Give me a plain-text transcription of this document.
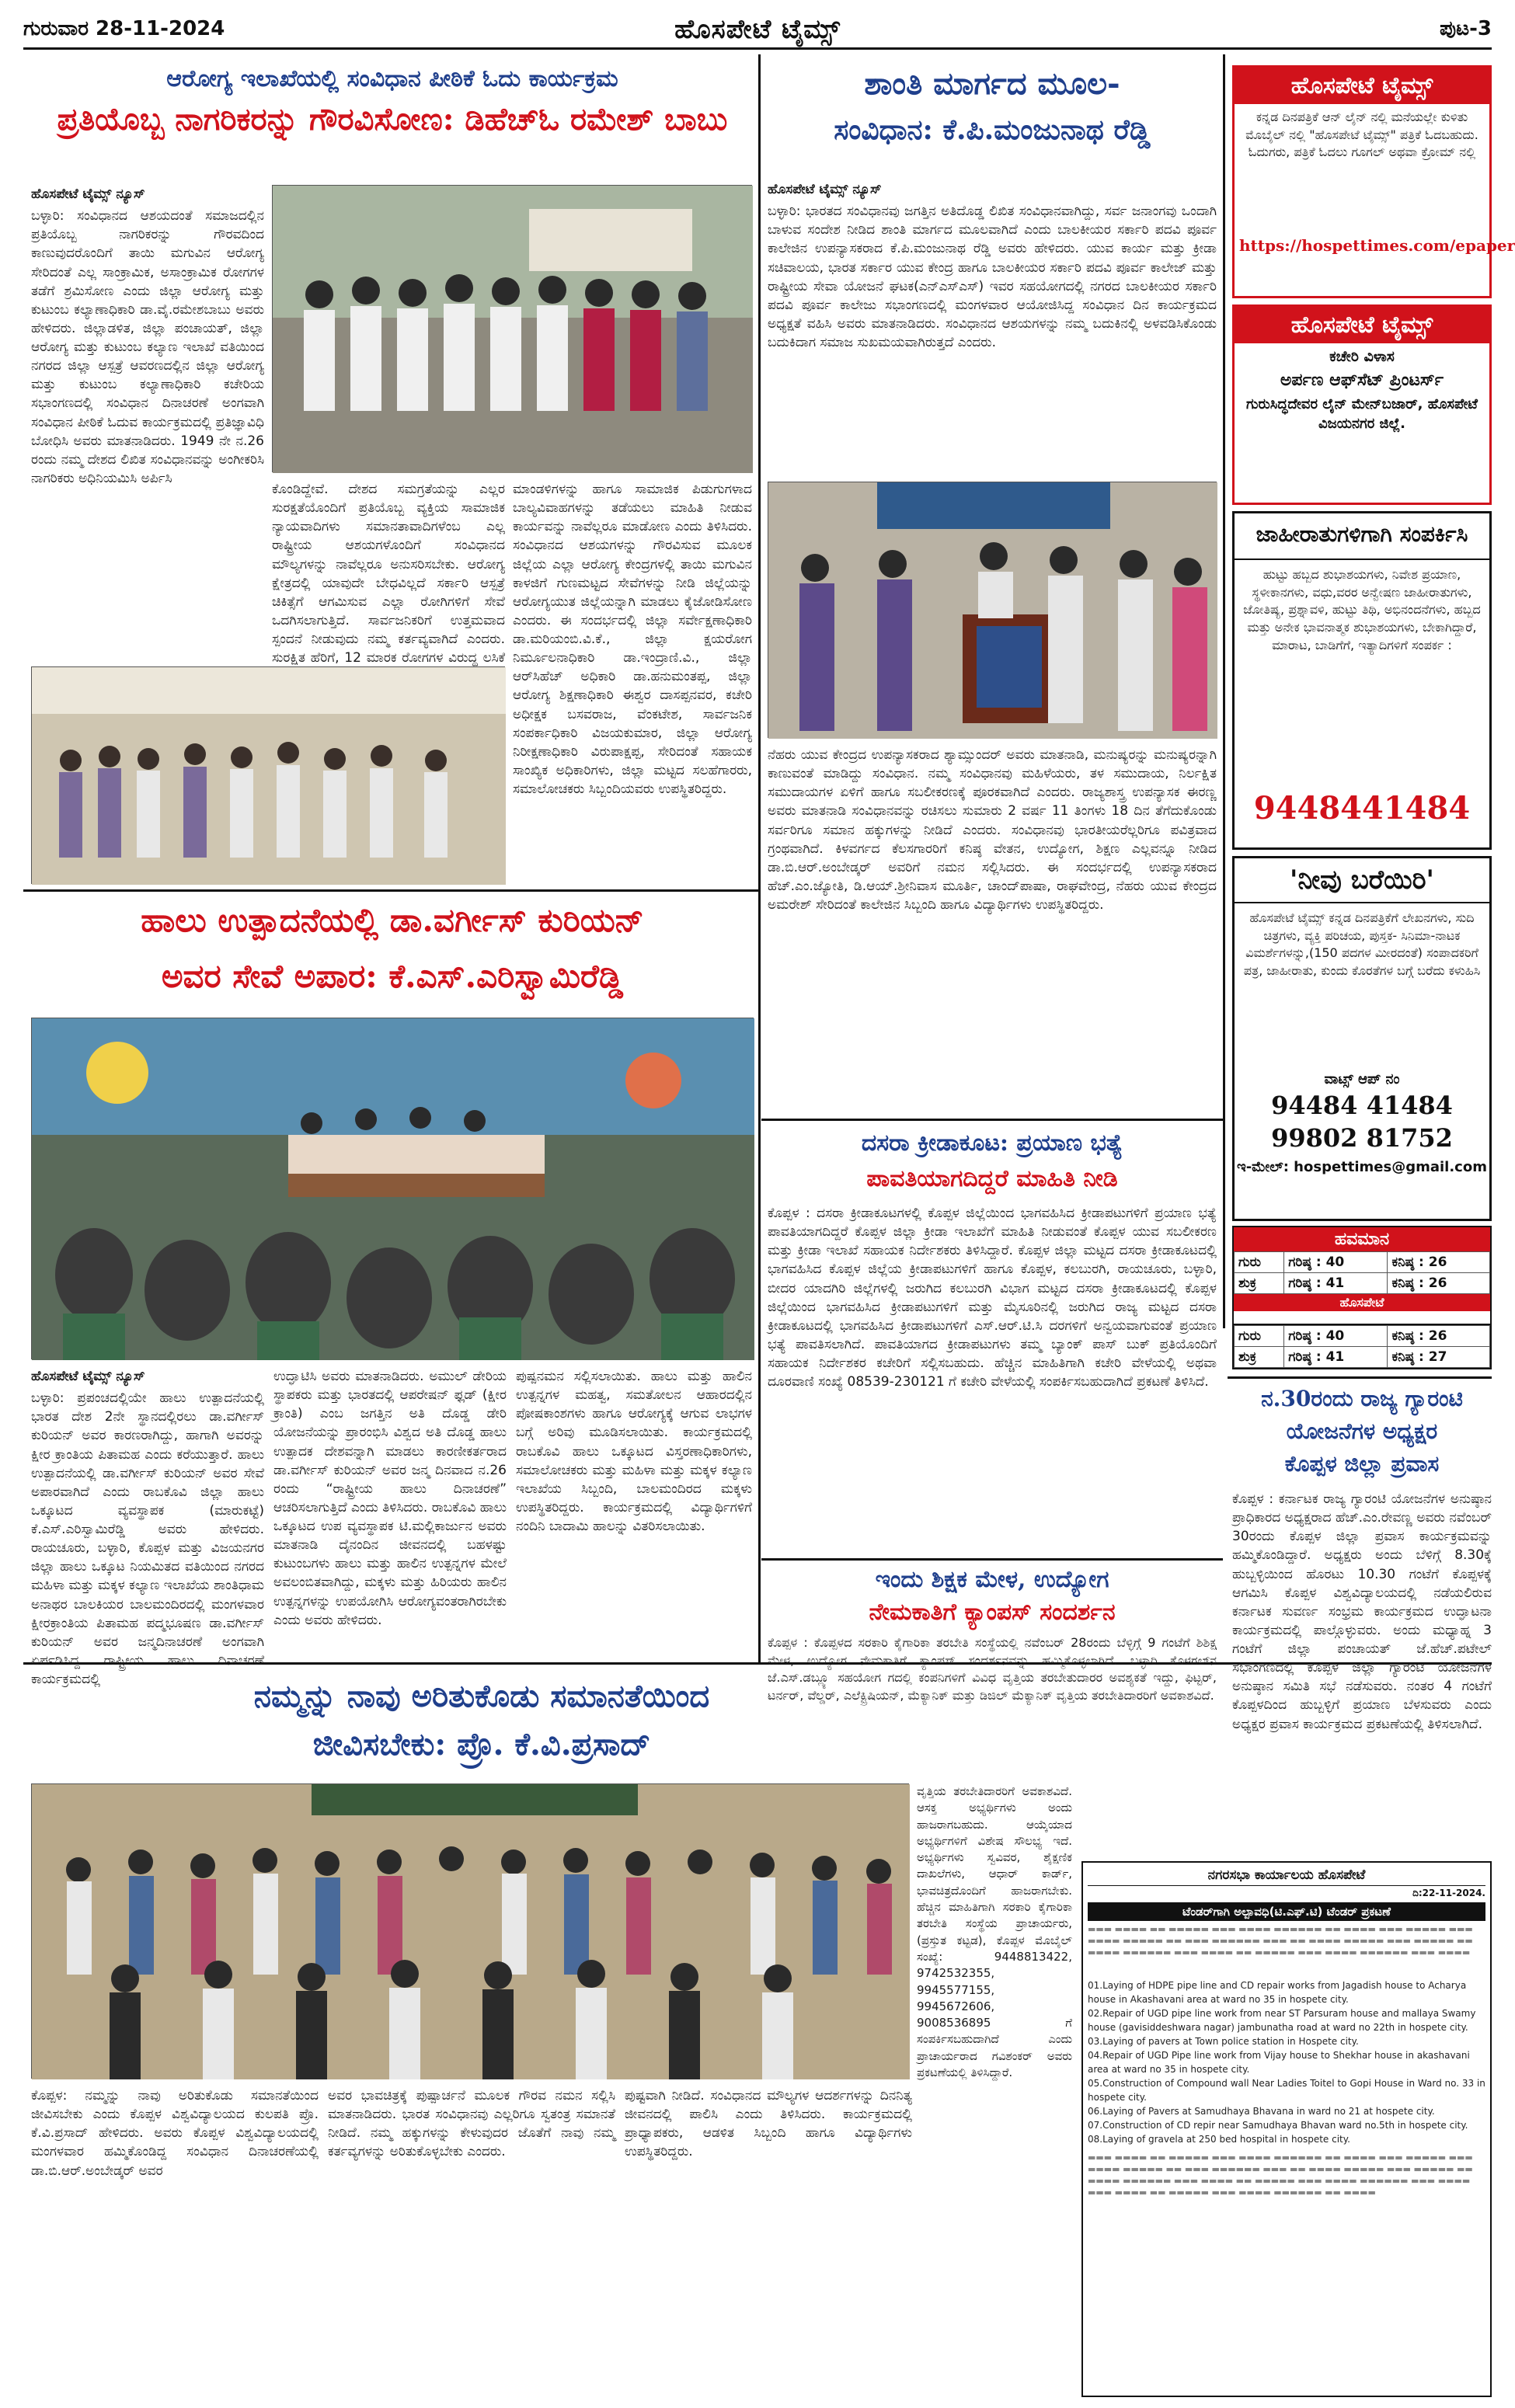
ಗುರುವಾರ 28-11-2024	ಹೊಸಪೇಟೆ ಟೈಮ್ಸ್	ಪುಟ-3
ಆರೋಗ್ಯ ಇಲಾಖೆಯಲ್ಲಿ ಸಂವಿಧಾನ ಪೀಠಿಕೆ ಓದು ಕಾರ್ಯಕ್ರಮ
ಪ್ರತಿಯೊಬ್ಬ ನಾಗರಿಕರನ್ನು ಗೌರವಿಸೋಣ: ಡಿಹೆಚ್ಓ ರಮೇಶ್ ಬಾಬು

ಹೊಸಪೇಟೆ ಟೈಮ್ಸ್ ನ್ಯೂಸ್

ಬಳ್ಳಾರಿ: ಸಂವಿಧಾನದ ಆಶಯದಂತೆ ಸಮಾಜದಲ್ಲಿನ ಪ್ರತಿಯೊಬ್ಬ ನಾಗರಿಕರನ್ನು ಗೌರವದಿಂದ ಕಾಣುವುದರೊಂದಿಗೆ ತಾಯಿ ಮಗುವಿನ ಆರೋಗ್ಯ ಸೇರಿದಂತೆ ಎಲ್ಲ ಸಾಂಕ್ರಾಮಿಕ, ಅಸಾಂಕ್ರಾಮಿಕ ರೋಗಗಳ ತಡೆಗೆ ಶ್ರಮಿಸೋಣ ಎಂದು ಜಿಲ್ಲಾ ಆರೋಗ್ಯ ಮತ್ತು ಕುಟುಂಬ ಕಲ್ಯಾಣಾಧಿಕಾರಿ ಡಾ.ವೈ.ರಮೇಶಬಾಬು ಅವರು ಹೇಳಿದರು. ಜಿಲ್ಲಾಡಳಿತ, ಜಿಲ್ಲಾ ಪಂಚಾಯತ್, ಜಿಲ್ಲಾ ಆರೋಗ್ಯ ಮತ್ತು ಕುಟುಂಬ ಕಲ್ಯಾಣ ಇಲಾಖೆ ವತಿಯಿಂದ ನಗರದ ಜಿಲ್ಲಾ ಆಸ್ಪತ್ರೆ ಆವರಣದಲ್ಲಿನ ಜಿಲ್ಲಾ ಆರೋಗ್ಯ ಮತ್ತು ಕುಟುಂಬ ಕಲ್ಯಾಣಾಧಿಕಾರಿ ಕಚೇರಿಯ ಸಭಾಂಗಣದಲ್ಲಿ ಸಂವಿಧಾನ ದಿನಾಚರಣೆ ಅಂಗವಾಗಿ ಸಂವಿಧಾನ ಪೀಠಿಕೆ ಓದುವ ಕಾರ್ಯಕ್ರಮದಲ್ಲಿ ಪ್ರತಿಜ್ಞಾವಿಧಿ ಬೋಧಿಸಿ ಅವರು ಮಾತನಾಡಿದರು. 1949 ನೇ ನ.26 ರಂದು ನಮ್ಮ ದೇಶದ ಲಿಖಿತ ಸಂವಿಧಾನವನ್ನು ಅಂಗೀಕರಿಸಿ ನಾಗರಿಕರು ಅಧಿನಿಯಮಿಸಿ ಅರ್ಪಿಸಿ

ಕೊಂಡಿದ್ದೇವೆ. ದೇಶದ ಸಮಗ್ರತೆಯನ್ನು ಎಲ್ಲರ ಸುರಕ್ಷತೆಯೊಂದಿಗೆ ಪ್ರತಿಯೊಬ್ಬ ವ್ಯಕ್ತಿಯ ಸಾಮಾಜಿಕ ನ್ಯಾಯವಾದಿಗಳು ಸಮಾನತಾವಾದಿಗಳೆಂಬ ಎಲ್ಲ ರಾಷ್ಟ್ರೀಯ ಆಶಯಗಳೊಂದಿಗೆ ಸಂವಿಧಾನದ ಮೌಲ್ಯಗಳನ್ನು ನಾವೆಲ್ಲರೂ ಅನುಸರಿಸಬೇಕು. ಆರೋಗ್ಯ ಕ್ಷೇತ್ರದಲ್ಲಿ ಯಾವುದೇ ಬೇಧವಿಲ್ಲದೆ ಸರ್ಕಾರಿ ಆಸ್ಪತ್ರೆ ಚಿಕಿತ್ಸೆಗೆ ಆಗಮಿಸುವ ಎಲ್ಲಾ ರೋಗಿಗಳಿಗೆ ಸೇವೆ ಒದಗಿಸಲಾಗುತ್ತಿದೆ. ಸಾರ್ವಜನಿಕರಿಗೆ ಉತ್ತಮವಾದ ಸ್ಪಂದನೆ ನೀಡುವುದು ನಮ್ಮ ಕರ್ತವ್ಯವಾಗಿದೆ ಎಂದರು. ಸುರಕ್ಷಿತ ಹೆರಿಗೆ, 12 ಮಾರಕ ರೋಗಗಳ ವಿರುದ್ಧ ಲಸಿಕೆ

ಮಾಂಡಳಿಗಳನ್ನು ಹಾಗೂ ಸಾಮಾಜಿಕ ಪಿಡುಗುಗಳಾದ ಬಾಲ್ಯವಿವಾಹಗಳನ್ನು ತಡೆಯಲು ಮಾಹಿತಿ ನೀಡುವ ಕಾರ್ಯವನ್ನು ನಾವೆಲ್ಲರೂ ಮಾಡೋಣ ಎಂದು ತಿಳಿಸಿದರು. ಸಂವಿಧಾನದ ಆಶಯಗಳನ್ನು ಗೌರವಿಸುವ ಮೂಲಕ ಜಿಲ್ಲೆಯ ಎಲ್ಲಾ ಆರೋಗ್ಯ ಕೇಂದ್ರಗಳಲ್ಲಿ ತಾಯಿ ಮಗುವಿನ ಕಾಳಜಿಗೆ ಗುಣಮಟ್ಟದ ಸೇವೆಗಳನ್ನು ನೀಡಿ ಜಿಲ್ಲೆಯನ್ನು ಆರೋಗ್ಯಯುತ ಜಿಲ್ಲೆಯನ್ನಾಗಿ ಮಾಡಲು ಕೈಜೋಡಿಸೋಣ ಎಂದರು. ಈ ಸಂದರ್ಭದಲ್ಲಿ ಜಿಲ್ಲಾ ಸರ್ವೇಕ್ಷಣಾಧಿಕಾರಿ ಡಾ.ಮರಿಯಂಬಿ.ವಿ.ಕೆ., ಜಿಲ್ಲಾ ಕ್ಷಯರೋಗ ನಿರ್ಮೂಲನಾಧಿಕಾರಿ ಡಾ.ಇಂದ್ರಾಣಿ.ವಿ., ಜಿಲ್ಲಾ ಆರ್‌ಸಿಹೆಚ್ ಅಧಿಕಾರಿ ಡಾ.ಹನುಮಂತಪ್ಪ, ಜಿಲ್ಲಾ ಆರೋಗ್ಯ ಶಿಕ್ಷಣಾಧಿಕಾರಿ ಈಶ್ವರ ದಾಸಪ್ಪನವರ, ಕಚೇರಿ ಅಧೀಕ್ಷಕ ಬಸವರಾಜ, ವೆಂಕಟೇಶ, ಸಾರ್ವಜನಿಕ ಸಂಪರ್ಕಾಧಿಕಾರಿ ವಿಜಯಕುಮಾರ, ಜಿಲ್ಲಾ ಆರೋಗ್ಯ ನಿರೀಕ್ಷಣಾಧಿಕಾರಿ ವಿರುಪಾಕ್ಷಪ್ಪ, ಸೇರಿದಂತೆ ಸಹಾಯಕ ಸಾಂಖ್ಯಿಕ ಅಧಿಕಾರಿಗಳು, ಜಿಲ್ಲಾ ಮಟ್ಟದ ಸಲಹೆಗಾರರು, ಸಮಾಲೋಚಕರು ಸಿಬ್ಬಂದಿಯವರು ಉಪಸ್ಥಿತರಿದ್ದರು.

ಶಾಂತಿ ಮಾರ್ಗದ ಮೂಲ-
ಸಂವಿಧಾನ: ಕೆ.ಪಿ.ಮಂಜುನಾಥ ರೆಡ್ಡಿ

ಹೊಸಪೇಟೆ ಟೈಮ್ಸ್ ನ್ಯೂಸ್

ಬಳ್ಳಾರಿ: ಭಾರತದ ಸಂವಿಧಾನವು ಜಗತ್ತಿನ ಅತಿದೊಡ್ಡ ಲಿಖಿತ ಸಂವಿಧಾನವಾಗಿದ್ದು, ಸರ್ವ ಜನಾಂಗವು ಒಂದಾಗಿ ಬಾಳುವ ಸಂದೇಶ ನೀಡಿದ ಶಾಂತಿ ಮಾರ್ಗದ ಮೂಲವಾಗಿದೆ ಎಂದು ಬಾಲಕೀಯರ ಸರ್ಕಾರಿ ಪದವಿ ಪೂರ್ವ ಕಾಲೇಜಿನ ಉಪನ್ಯಾಸಕರಾದ ಕೆ.ಪಿ.ಮಂಜುನಾಥ ರೆಡ್ಡಿ ಅವರು ಹೇಳಿದರು. ಯುವ ಕಾರ್ಯ ಮತ್ತು ಕ್ರೀಡಾ ಸಚಿವಾಲಯ, ಭಾರತ ಸರ್ಕಾರ ಯುವ ಕೇಂದ್ರ ಹಾಗೂ ಬಾಲಕೀಯರ ಸರ್ಕಾರಿ ಪದವಿ ಪೂರ್ವ ಕಾಲೇಜ್ ಮತ್ತು ರಾಷ್ಟ್ರೀಯ ಸೇವಾ ಯೋಜನೆ ಘಟಕ(ಎನ್‌ಎಸ್‌ಎಸ್) ಇವರ ಸಹಯೋಗದಲ್ಲಿ ನಗರದ ಬಾಲಕೀಯರ ಸರ್ಕಾರಿ ಪದವಿ ಪೂರ್ವ ಕಾಲೇಜು ಸಭಾಂಗಣದಲ್ಲಿ ಮಂಗಳವಾರ ಆಯೋಜಿಸಿದ್ದ ಸಂವಿಧಾನ ದಿನ ಕಾರ್ಯಕ್ರಮದ ಅಧ್ಯಕ್ಷತೆ ವಹಿಸಿ ಅವರು ಮಾತನಾಡಿದರು. ಸಂವಿಧಾನದ ಆಶಯಗಳನ್ನು ನಮ್ಮ ಬದುಕಿನಲ್ಲಿ ಅಳವಡಿಸಿಕೊಂಡು ಬದುಕಿದಾಗ ಸಮಾಜ ಸುಖಮಯವಾಗಿರುತ್ತದೆ ಎಂದರು.

ನೆಹರು ಯುವ ಕೇಂದ್ರದ ಉಪನ್ಯಾಸಕರಾದ ಶ್ಯಾಮ್ಸುಂದರ್ ಅವರು ಮಾತನಾಡಿ, ಮನುಷ್ಯರನ್ನು ಮನುಷ್ಯರನ್ನಾಗಿ ಕಾಣುವಂತೆ ಮಾಡಿದ್ದು ಸಂವಿಧಾನ. ನಮ್ಮ ಸಂವಿಧಾನವು ಮಹಿಳೆಯರು, ತಳ ಸಮುದಾಯ, ನಿರ್ಲಕ್ಷಿತ ಸಮುದಾಯಗಳ ಏಳಿಗೆ ಹಾಗೂ ಸಬಲೀಕರಣಕ್ಕೆ ಪೂರಕವಾಗಿದೆ ಎಂದರು. ರಾಜ್ಯಶಾಸ್ತ್ರ ಉಪನ್ಯಾಸಕ ಈರಣ್ಣ ಅವರು ಮಾತನಾಡಿ ಸಂವಿಧಾನವನ್ನು ರಚಿಸಲು ಸುಮಾರು 2 ವರ್ಷ 11 ತಿಂಗಳು 18 ದಿನ ತೆಗೆದುಕೊಂಡು ಸರ್ವರಿಗೂ ಸಮಾನ ಹಕ್ಕುಗಳನ್ನು ನೀಡಿದೆ ಎಂದರು. ಸಂವಿಧಾನವು ಭಾರತೀಯರೆಲ್ಲರಿಗೂ ಪವಿತ್ರವಾದ ಗ್ರಂಥವಾಗಿದೆ. ಕಿಳವರ್ಗದ ಕೆಲಸಗಾರರಿಗೆ ಕನಿಷ್ಠ ವೇತನ, ಉದ್ಯೋಗ, ಶಿಕ್ಷಣ ಎಲ್ಲವನ್ನೂ ನೀಡಿದ ಡಾ.ಬಿ.ಆರ್.ಅಂಬೇಡ್ಕರ್ ಅವರಿಗೆ ನಮನ ಸಲ್ಲಿಸಿದರು. ಈ ಸಂದರ್ಭದಲ್ಲಿ ಉಪನ್ಯಾಸಕರಾದ ಹೆಚ್.ಎಂ.ಜ್ಯೋತಿ, ಡಿ.ಆಯ್.ಶ್ರೀನಿವಾಸ ಮೂರ್ತಿ, ಚಾಂದ್‌ಪಾಷಾ, ರಾಘವೇಂದ್ರ, ನೆಹರು ಯುವ ಕೇಂದ್ರದ ಅಮರೇಶ್ ಸೇರಿದಂತೆ ಕಾಲೇಜಿನ ಸಿಬ್ಬಂದಿ ಹಾಗೂ ವಿದ್ಯಾರ್ಥಿಗಳು ಉಪಸ್ಥಿತರಿದ್ದರು.

ಹೊಸಪೇಟೆ ಟೈಮ್ಸ್
ಕನ್ನಡ ದಿನಪತ್ರಿಕೆ ಆನ್ ಲೈನ್ ನಲ್ಲಿ ಮನೆಯಲ್ಲೇ ಕುಳಿತು ಮೊಬೈಲ್ ನಲ್ಲಿ "ಹೊಸಪೇಟೆ ಟೈಮ್ಸ್" ಪತ್ರಿಕೆ ಓದಬಹುದು. ಓದುಗರು, ಪತ್ರಿಕೆ ಓದಲು ಗೂಗಲ್ ಅಥವಾ ಕ್ರೋಮ್ ನಲ್ಲಿ
https://hospettimes.com/epaper
ಹೊಸಪೇಟೆ ಟೈಮ್ಸ್
ಕಚೇರಿ ವಿಳಾಸ
ಅರ್ಪಣ ಆಫ್‌ಸೆಟ್ ಪ್ರಿಂಟರ್ಸ್
ಗುರುಸಿದ್ಧದೇವರ ಲೈನ್ ಮೇನ್‌ಬಜಾರ್, ಹೊಸಪೇಟೆ
ವಿಜಯನಗರ ಜಿಲ್ಲೆ.
ಜಾಹೀರಾತುಗಳಿಗಾಗಿ ಸಂಪರ್ಕಿಸಿ
ಹುಟ್ಟು ಹಬ್ಬದ ಶುಭಾಶಯಗಳು, ನಿವೇಶ ಪ್ರಯಾಣ, ಸ್ಥಳೀಕಾನಗಳು, ವಧು,ವರರ ಅನ್ವೇಷಣ ಜಾಹೀರಾತುಗಳು, ಜೋತಿಷ್ಯ, ಪ್ರಶ್ನಾವಳಿ, ಹುಟ್ಟು ತಿಥಿ, ಅಭಿನಂದನೆಗಳು, ಹಬ್ಬದ ಮತ್ತು ಅನೇಕ ಭಾವನಾತ್ಮಕ ಶುಭಾಶಯಗಳು, ಬೇಕಾಗಿದ್ದಾರೆ, ಮಾರಾಟ, ಬಾಡಿಗೆಗೆ, ಇತ್ಯಾದಿಗಳಿಗೆ ಸಂಪರ್ಕ :
9448441484
'ನೀವು ಬರೆಯಿರಿ'
ಹೊಸಪೇಟೆ ಟೈಮ್ಸ್ ಕನ್ನಡ ದಿನಪತ್ರಿಕೆಗೆ ಲೇಖನಗಳು, ಸುದಿ ಚಿತ್ರಗಳು, ವ್ಯಕ್ತಿ ಪರಿಚಯ, ಪುಸ್ತಕ- ಸಿನಿಮಾ-ನಾಟಕ ವಿಮರ್ಶೆಗಳನ್ನು,(150 ಪದಗಳ ಮೀರದಂತೆ) ಸಂಪಾದಕರಿಗೆ ಪತ್ರ, ಜಾಹೀರಾತು, ಕುಂದು ಕೊರತೆಗಳ ಬಗ್ಗೆ ಬರೆದು ಕಳುಹಿಸಿ
ವಾಟ್ಸ್ ಆಪ್ ನಂ
94484 41484
99802 81752
ಇ-ಮೇಲ್: hospettimes@gmail.com
ಹವಮಾನ
ಗುರು	ಗರಿಷ್ಠ : 40	ಕನಿಷ್ಠ : 26
ಶುಕ್ರ	ಗರಿಷ್ಠ : 41	ಕನಿಷ್ಠ : 26
ಹೊಸಪೇಟೆ
ಗುರು	ಗರಿಷ್ಠ : 40	ಕನಿಷ್ಠ : 26
ಶುಕ್ರ	ಗರಿಷ್ಠ : 41	ಕನಿಷ್ಠ : 27
ನ.30ರಂದು ರಾಜ್ಯ ಗ್ಯಾರಂಟಿ
ಯೋಜನೆಗಳ ಅಧ್ಯಕ್ಷರ
ಕೊಪ್ಪಳ ಜಿಲ್ಲಾ ಪ್ರವಾಸ

ಕೊಪ್ಪಳ : ಕರ್ನಾಟಕ ರಾಜ್ಯ ಗ್ಯಾರಂಟಿ ಯೋಜನೆಗಳ ಅನುಷ್ಠಾನ ಪ್ರಾಧಿಕಾರದ ಅಧ್ಯಕ್ಷರಾದ ಹೆಚ್.ಎಂ.ರೇವಣ್ಣ ಅವರು ನವೆಂಬರ್ 30ರಂದು ಕೊಪ್ಪಳ ಜಿಲ್ಲಾ ಪ್ರವಾಸ ಕಾರ್ಯಕ್ರಮವನ್ನು ಹಮ್ಮಿಕೊಂಡಿದ್ದಾರೆ. ಅಧ್ಯಕ್ಷರು ಅಂದು ಬೆಳಿಗ್ಗೆ 8.30ಕ್ಕೆ ಹುಬ್ಬಳ್ಳಿಯಿಂದ ಹೊರಟು 10.30 ಗಂಟೆಗೆ ಕೊಪ್ಪಳಕ್ಕೆ ಆಗಮಿಸಿ ಕೊಪ್ಪಳ ವಿಶ್ವವಿದ್ಯಾಲಯದಲ್ಲಿ ನಡೆಯಲಿರುವ ಕರ್ನಾಟಕ ಸುವರ್ಣ ಸಂಭ್ರಮ ಕಾರ್ಯಕ್ರಮದ ಉದ್ಘಾಟನಾ ಕಾರ್ಯಕ್ರಮದಲ್ಲಿ ಪಾಲ್ಗೊಳ್ಳುವರು. ಅಂದು ಮಧ್ಯಾಹ್ನ 3 ಗಂಟೆಗೆ ಜಿಲ್ಲಾ ಪಂಚಾಯತ್ ಜೆ.ಹೆಚ್.ಪಟೇಲ್ ಸಭಾಂಗಣದಲ್ಲಿ ಕೊಪ್ಪಳ ಜಿಲ್ಲಾ ಗ್ಯಾರಂಟಿ ಯೋಜನೆಗಳ ಅನುಷ್ಠಾನ ಸಮಿತಿ ಸಭೆ ನಡೆಸುವರು. ನಂತರ 4 ಗಂಟೆಗೆ ಕೊಪ್ಪಳದಿಂದ ಹುಬ್ಬಳ್ಳಿಗೆ ಪ್ರಯಾಣ ಬೆಳಸುವರು ಎಂದು ಅಧ್ಯಕ್ಷರ ಪ್ರವಾಸ ಕಾರ್ಯಕ್ರಮದ ಪ್ರಕಟಣೆಯಲ್ಲಿ ತಿಳಿಸಲಾಗಿದೆ.

ಹಾಲು ಉತ್ಪಾದನೆಯಲ್ಲಿ ಡಾ.ವರ್ಗೀಸ್ ಕುರಿಯನ್
ಅವರ ಸೇವೆ ಅಪಾರ: ಕೆ.ಎಸ್.ಎರಿಸ್ವಾಮಿರೆಡ್ಡಿ

ಹೊಸಪೇಟೆ ಟೈಮ್ಸ್ ನ್ಯೂಸ್

ಬಳ್ಳಾರಿ: ಪ್ರಪಂಚದಲ್ಲಿಯೇ ಹಾಲು ಉತ್ಪಾದನೆಯಲ್ಲಿ ಭಾರತ ದೇಶ 2ನೇ ಸ್ಥಾನದಲ್ಲಿರಲು ಡಾ.ವರ್ಗೀಸ್ ಕುರಿಯನ್ ಅವರ ಕಾರಣರಾಗಿದ್ದು, ಹಾಗಾಗಿ ಅವರನ್ನು ಕ್ಷೀರ ಕ್ರಾಂತಿಯ ಪಿತಾಮಹ ಎಂದು ಕರೆಯುತ್ತಾರೆ. ಹಾಲು ಉತ್ಪಾದನೆಯಲ್ಲಿ ಡಾ.ವರ್ಗೀಸ್ ಕುರಿಯನ್ ಅವರ ಸೇವೆ ಅಪಾರವಾಗಿದೆ ಎಂದು ರಾಬಕೊವಿ ಜಿಲ್ಲಾ ಹಾಲು ಒಕ್ಕೂಟದ ವ್ಯವಸ್ಥಾಪಕ (ಮಾರುಕಟ್ಟೆ) ಕೆ.ಎಸ್.ಎರಿಸ್ವಾಮಿರೆಡ್ಡಿ ಅವರು ಹೇಳಿದರು. ರಾಯಚೂರು, ಬಳ್ಳಾರಿ, ಕೊಪ್ಪಳ ಮತ್ತು ವಿಜಯನಗರ ಜಿಲ್ಲಾ ಹಾಲು ಒಕ್ಕೂಟ ನಿಯಮಿತದ ವತಿಯಿಂದ ನಗರದ ಮಹಿಳಾ ಮತ್ತು ಮಕ್ಕಳ ಕಲ್ಯಾಣ ಇಲಾಖೆಯ ಶಾಂತಿಧಾಮ ಅನಾಥರ ಬಾಲಕಿಯರ ಬಾಲಮಂದಿರದಲ್ಲಿ ಮಂಗಳವಾರ ಕ್ಷೀರಕ್ರಾಂತಿಯ ಪಿತಾಮಹ ಪದ್ಮಭೂಷಣ ಡಾ.ವರ್ಗೀಸ್ ಕುರಿಯನ್ ಅವರ ಜನ್ಮದಿನಾಚರಣೆ ಅಂಗವಾಗಿ ಏರ್ಪಡಿಸಿದ್ದ ರಾಷ್ಟ್ರೀಯ ಹಾಲು ದಿನಾಚರಣೆ ಕಾರ್ಯಕ್ರಮದಲ್ಲಿ

ಉದ್ಘಾಟಿಸಿ ಅವರು ಮಾತನಾಡಿದರು. ಅಮುಲ್ ಡೇರಿಯ ಸ್ಥಾಪಕರು ಮತ್ತು ಭಾರತದಲ್ಲಿ ಆಪರೇಷನ್ ಫ್ಲಡ್ (ಕ್ಷೀರ ಕ್ರಾಂತಿ) ಎಂಬ ಜಗತ್ತಿನ ಅತಿ ದೊಡ್ಡ ಡೇರಿ ಯೋಜನೆಯನ್ನು ಪ್ರಾರಂಭಿಸಿ ವಿಶ್ವದ ಅತಿ ದೊಡ್ಡ ಹಾಲು ಉತ್ಪಾದಕ ದೇಶವನ್ನಾಗಿ ಮಾಡಲು ಕಾರಣೀಕರ್ತರಾದ ಡಾ.ವರ್ಗೀಸ್ ಕುರಿಯನ್ ಅವರ ಜನ್ಮ ದಿನವಾದ ನ.26 ರಂದು “ರಾಷ್ಟ್ರೀಯ ಹಾಲು ದಿನಾಚರಣೆ” ಆಚರಿಸಲಾಗುತ್ತಿದೆ ಎಂದು ತಿಳಿಸಿದರು. ರಾಬಕೊವಿ ಹಾಲು ಒಕ್ಕೂಟದ ಉಪ ವ್ಯವಸ್ಥಾಪಕ ಟಿ.ಮಲ್ಲಿಕಾರ್ಜುನ ಅವರು ಮಾತನಾಡಿ ದೈನಂದಿನ ಜೀವನದಲ್ಲಿ ಬಹಳಷ್ಟು ಕುಟುಂಬಗಳು ಹಾಲು ಮತ್ತು ಹಾಲಿನ ಉತ್ಪನ್ನಗಳ ಮೇಲೆ ಅವಲಂಬಿತವಾಗಿದ್ದು, ಮಕ್ಕಳು ಮತ್ತು ಹಿರಿಯರು ಹಾಲಿನ ಉತ್ಪನ್ನಗಳನ್ನು ಉಪಯೋಗಿಸಿ ಆರೋಗ್ಯವಂತರಾಗಿರಬೇಕು ಎಂದು ಅವರು ಹೇಳಿದರು.

ಪುಷ್ಪನಮನ ಸಲ್ಲಿಸಲಾಯಿತು. ಹಾಲು ಮತ್ತು ಹಾಲಿನ ಉತ್ಪನ್ನಗಳ ಮಹತ್ವ, ಸಮತೋಲನ ಆಹಾರದಲ್ಲಿನ ಪೋಷಕಾಂಶಗಳು ಹಾಗೂ ಆರೋಗ್ಯಕ್ಕೆ ಆಗುವ ಲಾಭಗಳ ಬಗ್ಗೆ ಅರಿವು ಮೂಡಿಸಲಾಯಿತು. ಕಾರ್ಯಕ್ರಮದಲ್ಲಿ ರಾಬಕೊವಿ ಹಾಲು ಒಕ್ಕೂಟದ ವಿಸ್ತರಣಾಧಿಕಾರಿಗಳು, ಸಮಾಲೋಚಕರು ಮತ್ತು ಮಹಿಳಾ ಮತ್ತು ಮಕ್ಕಳ ಕಲ್ಯಾಣ ಇಲಾಖೆಯ ಸಿಬ್ಬಂದಿ, ಬಾಲಮಂದಿರದ ಮಕ್ಕಳು ಉಪಸ್ಥಿತರಿದ್ದರು. ಕಾರ್ಯಕ್ರಮದಲ್ಲಿ ವಿದ್ಯಾರ್ಥಿಗಳಿಗೆ ನಂದಿನಿ ಬಾದಾಮಿ ಹಾಲನ್ನು ವಿತರಿಸಲಾಯಿತು.

ದಸರಾ ಕ್ರೀಡಾಕೂಟ: ಪ್ರಯಾಣ ಭತ್ಯೆ
ಪಾವತಿಯಾಗದಿದ್ದರೆ ಮಾಹಿತಿ ನೀಡಿ

ಕೊಪ್ಪಳ : ದಸರಾ ಕ್ರೀಡಾಕೂಟಗಳಲ್ಲಿ ಕೊಪ್ಪಳ ಜಿಲ್ಲೆಯಿಂದ ಭಾಗವಹಿಸಿದ ಕ್ರೀಡಾಪಟುಗಳಿಗೆ ಪ್ರಯಾಣ ಭತ್ಯೆ ಪಾವತಿಯಾಗದಿದ್ದರೆ ಕೊಪ್ಪಳ ಜಿಲ್ಲಾ ಕ್ರೀಡಾ ಇಲಾಖೆಗೆ ಮಾಹಿತಿ ನೀಡುವಂತೆ ಕೊಪ್ಪಳ ಯುವ ಸಬಲೀಕರಣ ಮತ್ತು ಕ್ರೀಡಾ ಇಲಾಖೆ ಸಹಾಯಕ ನಿರ್ದೇಶಕರು ತಿಳಿಸಿದ್ದಾರೆ. ಕೊಪ್ಪಳ ಜಿಲ್ಲಾ ಮಟ್ಟದ ದಸರಾ ಕ್ರೀಡಾಕೂಟದಲ್ಲಿ ಭಾಗವಹಿಸಿದ ಕೊಪ್ಪಳ ಜಿಲ್ಲೆಯ ಕ್ರೀಡಾಪಟುಗಳಿಗೆ ಹಾಗೂ ಕೊಪ್ಪಳ, ಕಲಬುರಗಿ, ರಾಯಚೂರು, ಬಳ್ಳಾರಿ, ಬೀದರ ಯಾದಗಿರಿ ಜಿಲ್ಲೆಗಳಲ್ಲಿ ಜರುಗಿದ ಕಲಬುರಗಿ ವಿಭಾಗ ಮಟ್ಟದ ದಸರಾ ಕ್ರೀಡಾಕೂಟದಲ್ಲಿ ಕೊಪ್ಪಳ ಜಿಲ್ಲೆಯಿಂದ ಭಾಗವಹಿಸಿದ ಕ್ರೀಡಾಪಟುಗಳಿಗೆ ಮತ್ತು ಮೈಸೂರಿನಲ್ಲಿ ಜರುಗಿದ ರಾಜ್ಯ ಮಟ್ಟದ ದಸರಾ ಕ್ರೀಡಾಕೂಟದಲ್ಲಿ ಭಾಗವಹಿಸಿದ ಕ್ರೀಡಾಪಟುಗಳಿಗೆ ಎಸ್.ಆರ್.ಟಿ.ಸಿ ದರಗಳಿಗೆ ಅನ್ವಯವಾಗುವಂತೆ ಪ್ರಯಾಣ ಭತ್ಯೆ ಪಾವತಿಸಲಾಗಿದೆ. ಪಾವತಿಯಾಗದ ಕ್ರೀಡಾಪಟುಗಳು ತಮ್ಮ ಬ್ಯಾಂಕ್ ಪಾಸ್ ಬುಕ್ ಪ್ರತಿಯೊಂದಿಗೆ ಸಹಾಯಕ ನಿರ್ದೇಶಕರ ಕಚೇರಿಗೆ ಸಲ್ಲಿಸಬಹುದು. ಹೆಚ್ಚಿನ ಮಾಹಿತಿಗಾಗಿ ಕಚೇರಿ ವೇಳೆಯಲ್ಲಿ ಅಥವಾ ದೂರವಾಣಿ ಸಂಖ್ಯೆ 08539-230121 ಗೆ ಕಚೇರಿ ವೇಳೆಯಲ್ಲಿ ಸಂಪರ್ಕಿಸಬಹುದಾಗಿದೆ ಪ್ರಕಟಣೆ ತಿಳಿಸಿದೆ.

ಇಂದು ಶಿಕ್ಷಕ ಮೇಳ, ಉದ್ಯೋಗ
ನೇಮಕಾತಿಗೆ ಕ್ಯಾಂಪಸ್ ಸಂದರ್ಶನ

ಕೊಪ್ಪಳ : ಕೊಪ್ಪಳದ ಸರಕಾರಿ ಕೈಗಾರಿಕಾ ತರಬೇತಿ ಸಂಸ್ಥೆಯಲ್ಲಿ ನವೆಂಬರ್ 28ರಂದು ಬೆಳ್ಳಿಗ್ಗೆ 9 ಗಂಟೆಗೆ ಶಿಶಿಕ್ಷ ಮೇಳ, ಉದ್ಯೋಗ ನೇಮಕಾತಿಗೆ ಕ್ಯಾಂಪಸ್ ಸಂದರ್ಶನವನ್ನು ಹಮ್ಮಿಕೊಳ್ಳಲಾಗಿದೆ. ಬಳ್ಳಾರಿ ಕೊಳಗಲ್‌ನ ಜೆ.ಎಸ್.ಡಬ್ಲ್ಯೂ ಸಹಯೋಗ ಗದಲ್ಲಿ ಕಂಪನಿಗಳಿಗೆ ವಿವಿಧ ವೃತ್ತಿಯ ತರಬೇತುದಾರರ ಅವಶ್ಯಕತೆ ಇದ್ದು, ಫಿಟ್ಟರ್, ಟರ್ನರ್, ವೆಲ್ಡರ್, ಎಲೆಕ್ಟ್ರಿಷಿಯನ್, ಮೆಕ್ಯಾನಿಕ್ ಮತ್ತು ಡಿಜಿಲ್ ಮೆಕ್ಯಾನಿಕ್ ವೃತ್ತಿಯ ತರಬೇತಿದಾರರಿಗೆ ಅವಕಾಶವಿದೆ.

ನಮ್ಮನ್ನು ನಾವು ಅರಿತುಕೊಡು ಸಮಾನತೆಯಿಂದ
ಜೀವಿಸಬೇಕು: ಪ್ರೊ. ಕೆ.ವಿ.ಪ್ರಸಾದ್

ವೃತ್ತಿಯ ತರಬೇತಿದಾರರಿಗೆ ಅವಕಾಶವಿದೆ. ಆಸಕ್ತ ಅಭ್ಯರ್ಥಿಗಳು ಅಂದು ಹಾಜರಾಗಬಹುದು. ಆಯ್ಕೆಯಾದ ಅಭ್ಯರ್ಥಿಗಳಿಗೆ ವಿಶೇಷ ಸೌಲಭ್ಯ ಇದೆ. ಅಭ್ಯರ್ಥಿಗಳು ಸ್ವವಿವರ, ಶೈಕ್ಷಣಿಕ ದಾಖಲೆಗಳು, ಆಧಾರ್ ಕಾರ್ಡ್, ಭಾವಚಿತ್ರದೊಂದಿಗೆ ಹಾಜರಾಗಬೇಕು. ಹೆಚ್ಚಿನ ಮಾಹಿತಿಗಾಗಿ ಸರಕಾರಿ ಕೈಗಾರಿಕಾ ತರಬೇತಿ ಸಂಸ್ಥೆಯ ಪ್ರಾಚಾರ್ಯರು, (ಪ್ರಸ್ತುತ ಕಟ್ಟಡ), ಕೊಪ್ಪಳ ಮೊಬೈಲ್ ಸಂಖ್ಯೆ: 9448813422, 9742532355, 9945577155, 9945672606, 9008536895 ಗೆ ಸಂಪರ್ಕಿಸಬಹುದಾಗಿದೆ ಎಂದು ಪ್ರಾಚಾರ್ಯರಾದ ಗವಿಶಂಕರ್ ಅವರು ಪ್ರಕಟಣೆಯಲ್ಲಿ ತಿಳಿಸಿದ್ದಾರೆ.

ಕೊಪ್ಪಳ: ನಮ್ಮನ್ನು ನಾವು ಅರಿತುಕೊಡು ಸಮಾನತೆಯಿಂದ ಜೀವಿಸಬೇಕು ಎಂದು ಕೊಪ್ಪಳ ವಿಶ್ವವಿದ್ಯಾಲಯದ ಕುಲಪತಿ ಪ್ರೊ. ಕೆ.ವಿ.ಪ್ರಸಾದ್ ಹೇಳಿದರು. ಅವರು ಕೊಪ್ಪಳ ವಿಶ್ವವಿದ್ಯಾಲಯದಲ್ಲಿ ಮಂಗಳವಾರ ಹಮ್ಮಿಕೊಂಡಿದ್ದ ಸಂವಿಧಾನ ದಿನಾಚರಣೆಯಲ್ಲಿ ಡಾ.ಬಿ.ಆರ್.ಅಂಬೇಡ್ಕರ್ ಅವರ

ಅವರ ಭಾವಚಿತ್ರಕ್ಕೆ ಪುಷ್ಪಾರ್ಚನೆ ಮೂಲಕ ಗೌರವ ನಮನ ಸಲ್ಲಿಸಿ ಮಾತನಾಡಿದರು. ಭಾರತ ಸಂವಿಧಾನವು ಎಲ್ಲರಿಗೂ ಸ್ವತಂತ್ರ ಸಮಾನತೆ ನೀಡಿದೆ. ನಮ್ಮ ಹಕ್ಕುಗಳನ್ನು ಕೇಳುವುದರ ಜೊತೆಗೆ ನಾವು ನಮ್ಮ ಕರ್ತವ್ಯಗಳನ್ನು ಅರಿತುಕೊಳ್ಳಬೇಕು ಎಂದರು.

ಪುಷ್ಟವಾಗಿ ನೀಡಿದೆ. ಸಂವಿಧಾನದ ಮೌಲ್ಯಗಳ ಆದರ್ಶಗಳನ್ನು ದಿನನಿತ್ಯ ಜೀವನದಲ್ಲಿ ಪಾಲಿಸಿ ಎಂದು ತಿಳಿಸಿದರು. ಕಾರ್ಯಕ್ರಮದಲ್ಲಿ ಪ್ರಾಧ್ಯಾಪಕರು, ಆಡಳಿತ ಸಿಬ್ಬಂದಿ ಹಾಗೂ ವಿದ್ಯಾರ್ಥಿಗಳು ಉಪಸ್ಥಿತರಿದ್ದರು.

ನಗರಸಭಾ ಕಾರ್ಯಾಲಯ ಹೊಸಪೇಟೆ
ದಿ:22-11-2024.
ಟೆಂಡರ್‌ಗಾಗಿ ಅಲ್ಪಾವಧಿ(ಟಿ.ಎಫ್.ಟಿ) ಟೆಂಡರ್ ಪ್ರಕಟಣೆ
▬▬▬ ▬▬▬▬ ▬▬ ▬▬▬▬▬ ▬▬▬ ▬▬▬▬ ▬▬▬▬▬▬ ▬▬ ▬▬▬▬ ▬▬▬ ▬▬▬▬▬ ▬▬▬ ▬▬▬▬ ▬▬▬▬▬ ▬▬ ▬▬▬ ▬▬▬▬▬▬ ▬▬▬ ▬▬ ▬▬▬▬ ▬▬▬▬▬ ▬▬▬ ▬▬▬▬▬ ▬▬ ▬▬▬▬ ▬▬▬▬▬▬ ▬▬▬ ▬▬▬▬ ▬▬ ▬▬▬▬▬ ▬▬▬ ▬▬▬▬ ▬▬▬▬▬▬ ▬▬▬ ▬▬▬▬
01.Laying of HDPE pipe line and CD repair works from Jagadish house to Acharya house in Akashavani area at ward no 35 in hospete city.
02.Repair of UGD pipe line work from near ST Parsuram house and mallaya Swamy house (gavisiddeshwara nagar) jambunatha road at ward no 22th in hospete city.
03.Laying of pavers at Town police station in Hospete city.
04.Repair of UGD Pipe line work from Vijay house to Shekhar house in akashavani area at ward no 35 in hospete city.
05.Construction of Compound wall Near Ladies Toitel to Gopi House in Ward no. 33 in hospete city.
06.Laying of Pavers at Samudhaya Bhavana in ward no 21 at hospete city.
07.Construction of CD repir near Samudhaya Bhavan ward no.5th in hospete city.
08.Laying of gravela at 250 bed hospital in hospete city.
▬▬▬ ▬▬▬▬ ▬▬ ▬▬▬▬▬ ▬▬▬ ▬▬▬▬ ▬▬▬▬▬▬ ▬▬ ▬▬▬▬ ▬▬▬ ▬▬▬▬▬ ▬▬▬ ▬▬▬▬ ▬▬▬▬▬ ▬▬ ▬▬▬ ▬▬▬▬▬▬ ▬▬▬ ▬▬ ▬▬▬▬ ▬▬▬▬▬ ▬▬▬ ▬▬▬▬▬ ▬▬ ▬▬▬▬ ▬▬▬▬▬▬ ▬▬▬ ▬▬▬▬ ▬▬ ▬▬▬▬▬ ▬▬▬ ▬▬▬▬ ▬▬▬▬▬▬ ▬▬▬ ▬▬▬▬ ▬▬▬ ▬▬▬▬ ▬▬ ▬▬▬▬▬ ▬▬▬ ▬▬▬▬ ▬▬▬▬▬▬ ▬▬ ▬▬▬▬
